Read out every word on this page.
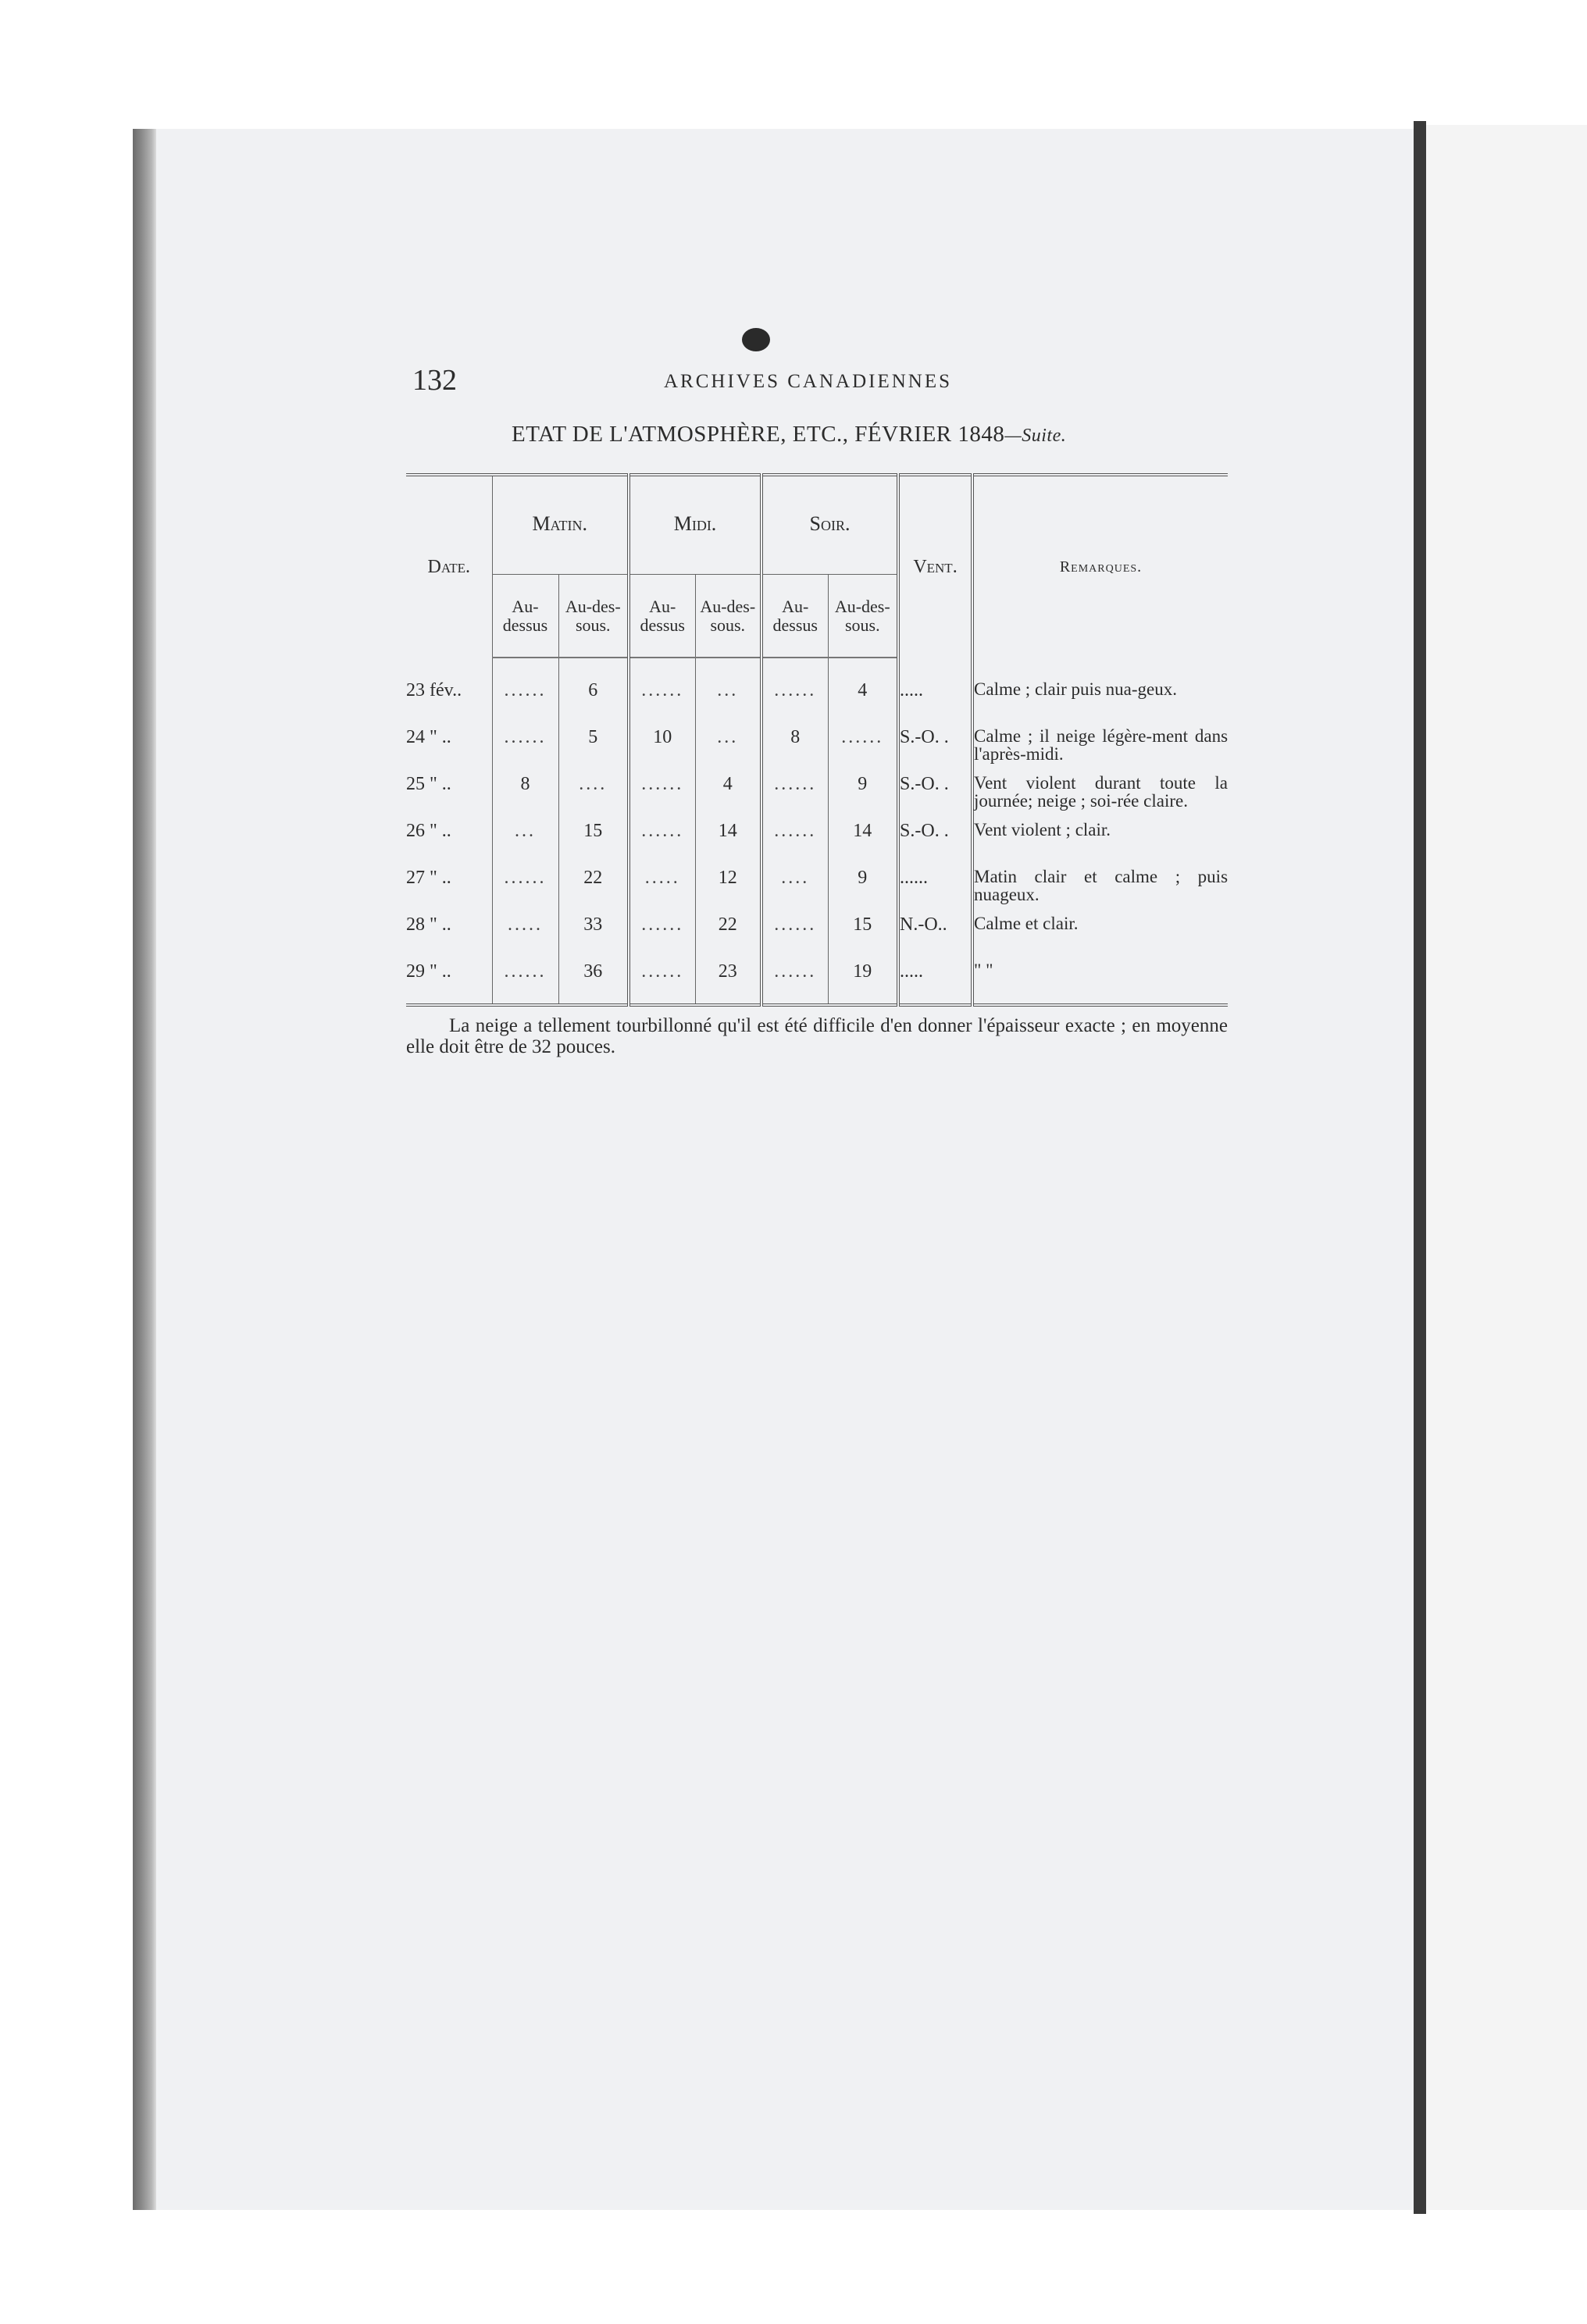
132	ARCHIVES CANADIENNES
ETAT DE L'ATMOSPHÈRE, ETC., FÉVRIER 1848—Suite.
Date.	Matin.		Midi.		Soir.		Vent.	Remarques.
	Au-dessus	Au-des-sous.	Au-dessus	Au-des-sous.	Au-dessus	Au-des-sous.		

23 fév..	......	6	......	...	......	4	.....	Calme ; clair puis nua-geux.
24 " ..	......	5	10	...	8	......	S.-O. .	Calme ; il neige légère-ment dans l'après-midi.
25 " ..	8	....	......	4	......	9	S.-O. .	Vent violent durant toute la journée; neige ; soi-rée claire.
26 " ..	...	15	......	14	......	14	S.-O. .	Vent violent ; clair.
27 " ..	......	22	.....	12	....	9	......	Matin clair et calme ; puis nuageux.
28 " ..	.....	33	......	22	......	15	N.-O..	Calme et clair.
29 " ..	......	36	......	23	......	19	.....	" "
La neige a tellement tourbillonné qu'il est été difficile d'en donner l'épaisseur exacte ; en moyenne elle doit être de 32 pouces.
